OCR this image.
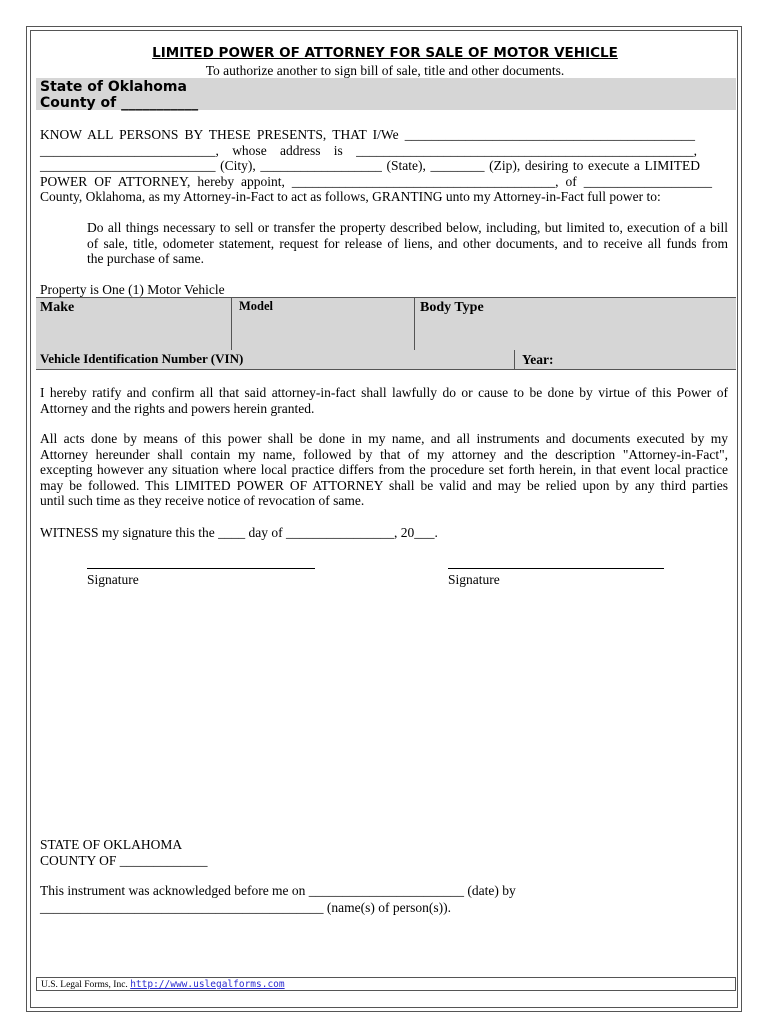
LIMITED POWER OF ATTORNEY FOR SALE OF MOTOR VEHICLE
To authorize another to sign bill of sale, title and other documents.
State of Oklahoma
County of ___________
KNOW ALL PERSONS BY THESE PRESENTS, THAT I/We ___________________________________________
__________________________, whose address is __________________________________________________,
__________________________ (City), __________________ (State), ________ (Zip), desiring to execute a LIMITED
POWER OF ATTORNEY, hereby appoint, _______________________________________, of ___________________
County, Oklahoma, as my Attorney-in-Fact to act as follows, GRANTING unto my Attorney-in-Fact full power to:
Do all things necessary to sell or transfer the property described below, including, but limited to, execution of a bill
of sale, title, odometer statement, request for release of liens, and other documents, and to receive all funds from
the purchase of same.
Property is One (1) Motor Vehicle
Make	Model	Body Type
Vehicle Identification Number (VIN)	Year:
I hereby ratify and confirm all that said attorney-in-fact shall lawfully do or cause to be done by virtue of this Power of
Attorney and the rights and powers herein granted.
All acts done by means of this power shall be done in my name, and all instruments and documents executed by my
Attorney hereunder shall contain my name, followed by that of my attorney and the description "Attorney-in-Fact",
excepting however any situation where local practice differs from the procedure set forth herein, in that event local practice
may be followed. This LIMITED POWER OF ATTORNEY shall be valid and may be relied upon by any third parties
until such time as they receive notice of revocation of same.
WITNESS my signature this the ____ day of ________________, 20___.
Signature	Signature
STATE OF OKLAHOMA
COUNTY OF _____________
This instrument was acknowledged before me on _______________________ (date) by
__________________________________________ (name(s) of person(s)).
U.S. Legal Forms, Inc. http://www.uslegalforms.com
